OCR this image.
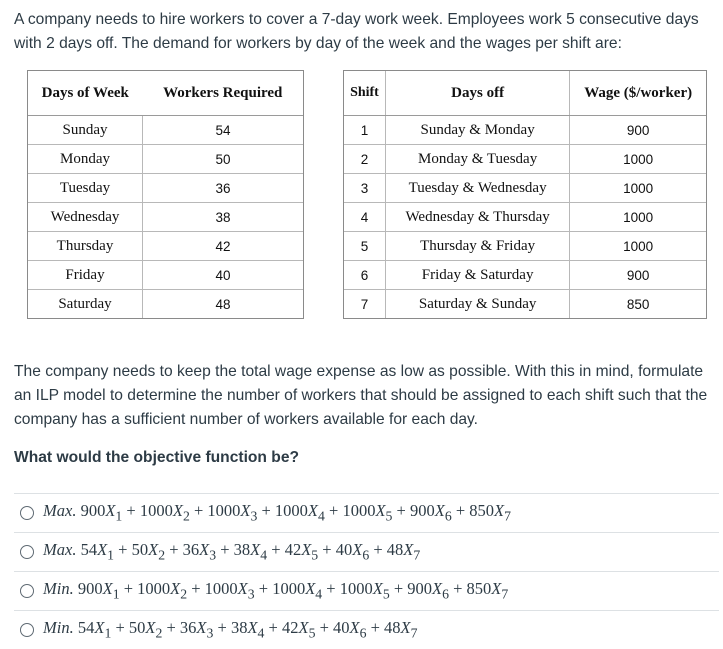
A company needs to hire workers to cover a 7-day work week. Employees work 5 consecutive days with 2 days off. The demand for workers by day of the week and the wages per shift are:
Days of Week	Workers Required
Sunday	54
Monday	50
Tuesday	36
Wednesday	38
Thursday	42
Friday	40
Saturday	48
Shift	Days off	Wage ($/worker)
1	Sunday & Monday	900
2	Monday & Tuesday	1000
3	Tuesday & Wednesday	1000
4	Wednesday & Thursday	1000
5	Thursday & Friday	1000
6	Friday & Saturday	900
7	Saturday & Sunday	850
The company needs to keep the total wage expense as low as possible. With this in mind, formulate an ILP model to determine the number of workers that should be assigned to each shift such that the company has a sufficient number of workers available for each day.
What would the objective function be?
Max. $900X_1 + 1000X_2 + 1000X_3 + 1000X_4 + 1000X_5 + 900X_6 + 850X_7$
Max. $54X_1 + 50X_2 + 36X_3 + 38X_4 + 42X_5 + 40X_6 + 48X_7$
Min. $900X_1 + 1000X_2 + 1000X_3 + 1000X_4 + 1000X_5 + 900X_6 + 850X_7$
Min. $54X_1 + 50X_2 + 36X_3 + 38X_4 + 42X_5 + 40X_6 + 48X_7$
